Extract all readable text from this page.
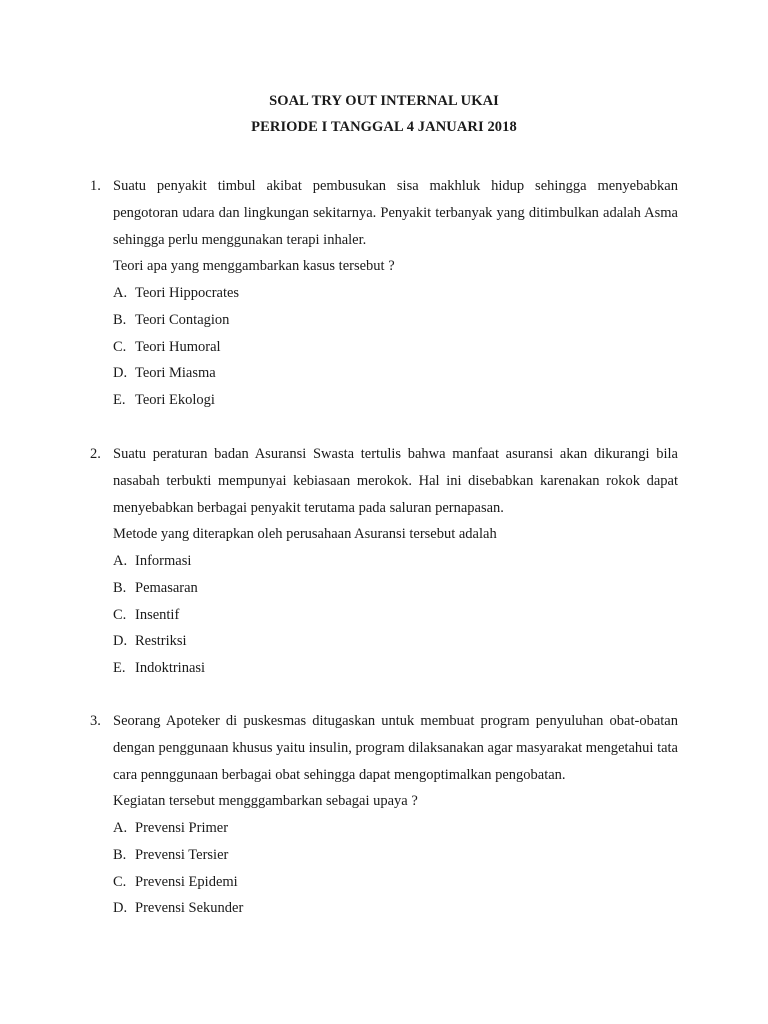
SOAL TRY OUT INTERNAL UKAI
PERIODE I TANGGAL 4 JANUARI 2018
1. Suatu penyakit timbul akibat pembusukan sisa makhluk hidup sehingga menyebabkan pengotoran udara dan lingkungan sekitarnya. Penyakit terbanyak yang ditimbulkan adalah Asma sehingga perlu menggunakan terapi inhaler.
Teori apa yang menggambarkan kasus tersebut ?
A. Teori Hippocrates
B. Teori Contagion
C. Teori Humoral
D. Teori Miasma
E. Teori Ekologi
2. Suatu peraturan badan Asuransi Swasta tertulis bahwa manfaat asuransi akan dikurangi bila nasabah terbukti mempunyai kebiasaan merokok. Hal ini disebabkan karenakan rokok dapat menyebabkan berbagai penyakit terutama pada saluran pernapasan.
Metode yang diterapkan oleh perusahaan Asuransi tersebut adalah
A. Informasi
B. Pemasaran
C. Insentif
D. Restriksi
E. Indoktrinasi
3. Seorang Apoteker di puskesmas ditugaskan untuk membuat program penyuluhan obat-obatan dengan penggunaan khusus yaitu insulin, program dilaksanakan agar masyarakat mengetahui tata cara pennggunaan berbagai obat sehingga dapat mengoptimalkan pengobatan.
Kegiatan tersebut mengggambarkan sebagai upaya ?
A. Prevensi Primer
B. Prevensi Tersier
C. Prevensi Epidemi
D. Prevensi Sekunder
